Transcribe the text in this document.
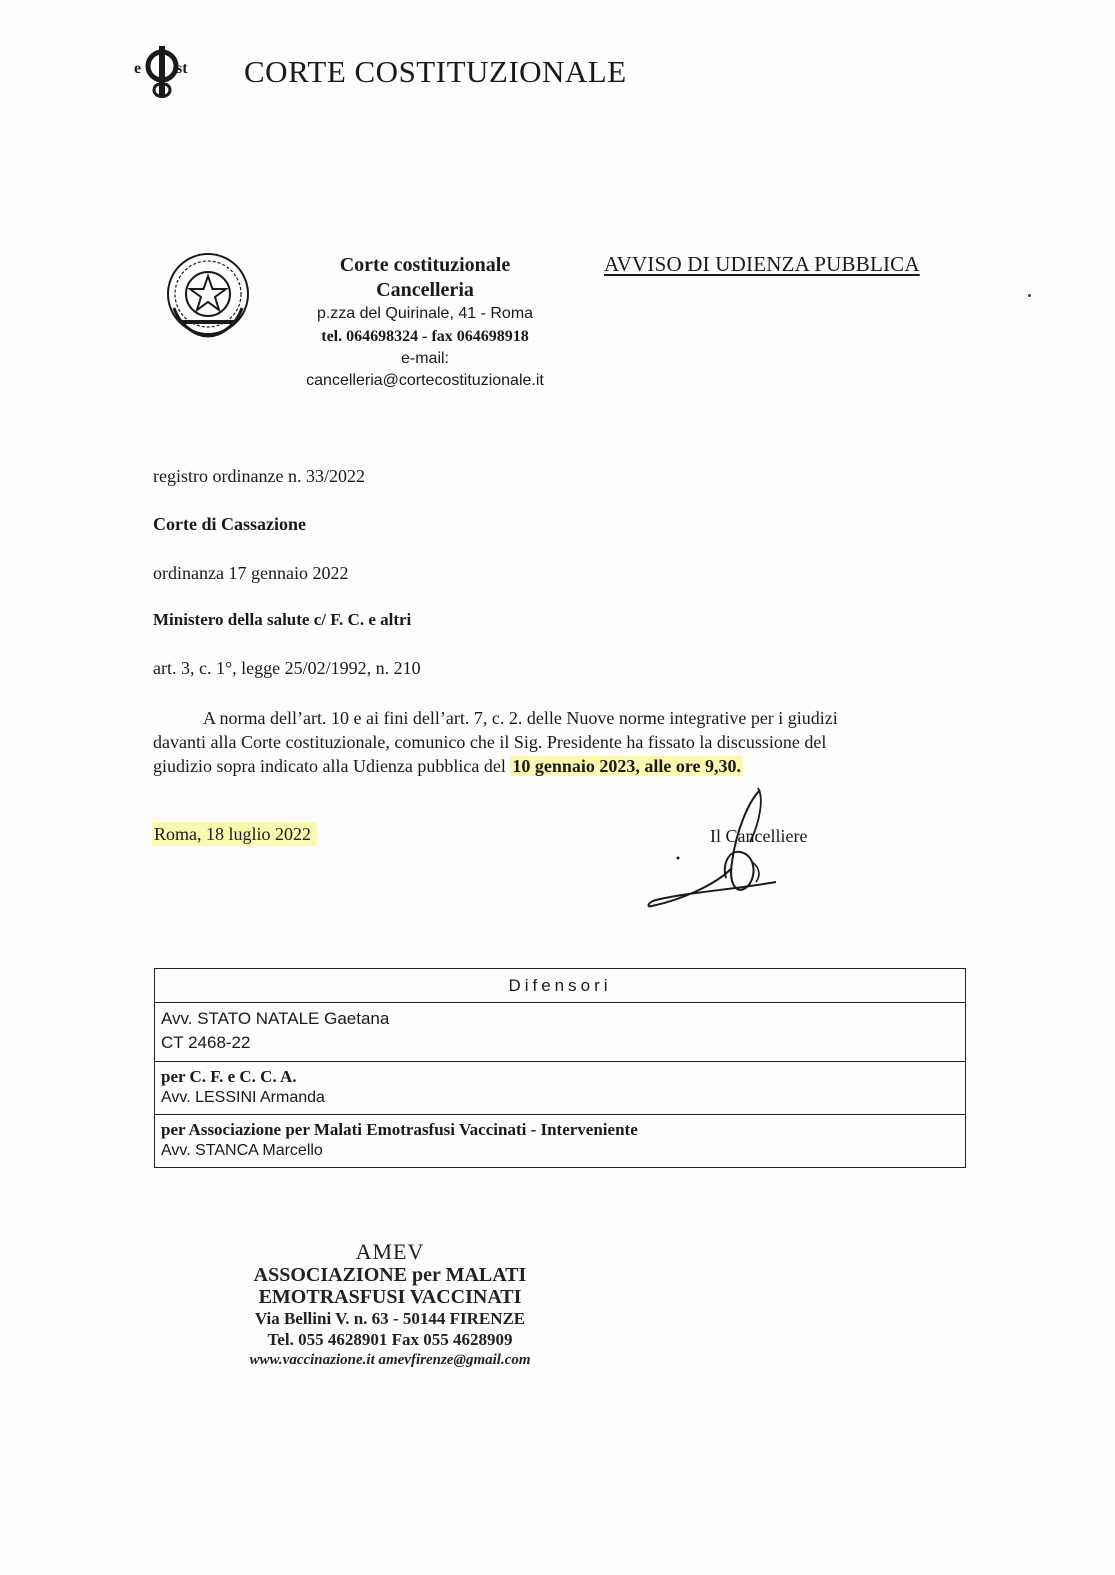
e st CORTE COSTITUZIONALE
Corte costituzionale
Cancelleria
p.zza del Quirinale, 41 - Roma
tel. 064698324 - fax 064698918
e-mail:
cancelleria@cortecostituzionale.it
AVVISO DI UDIENZA PUBBLICA
registro ordinanze n. 33/2022
Corte di Cassazione
ordinanza 17 gennaio 2022
Ministero della salute c/ F. C. e altri
art. 3, c. 1°, legge 25/02/1992, n. 210
A norma dell’art. 10 e ai fini dell’art. 7, c. 2. delle Nuove norme integrative per i giudizi
davanti alla Corte costituzionale, comunico che il Sig. Presidente ha fissato la discussione del
giudizio sopra indicato alla Udienza pubblica del 10 gennaio 2023, alle ore 9,30.
Roma, 18 luglio 2022	Il Cancelliere
Difensori
Avv. STATO NATALE Gaetana
CT 2468-22
per C. F. e C. C. A.
Avv. LESSINI Armanda
per Associazione per Malati Emotrasfusi Vaccinati - Interveniente
Avv. STANCA Marcello
AMEV
ASSOCIAZIONE per MALATI
EMOTRASFUSI VACCINATI
Via Bellini V. n. 63 - 50144 FIRENZE
Tel. 055 4628901 Fax 055 4628909
www.vaccinazione.it amevfirenze@gmail.com
